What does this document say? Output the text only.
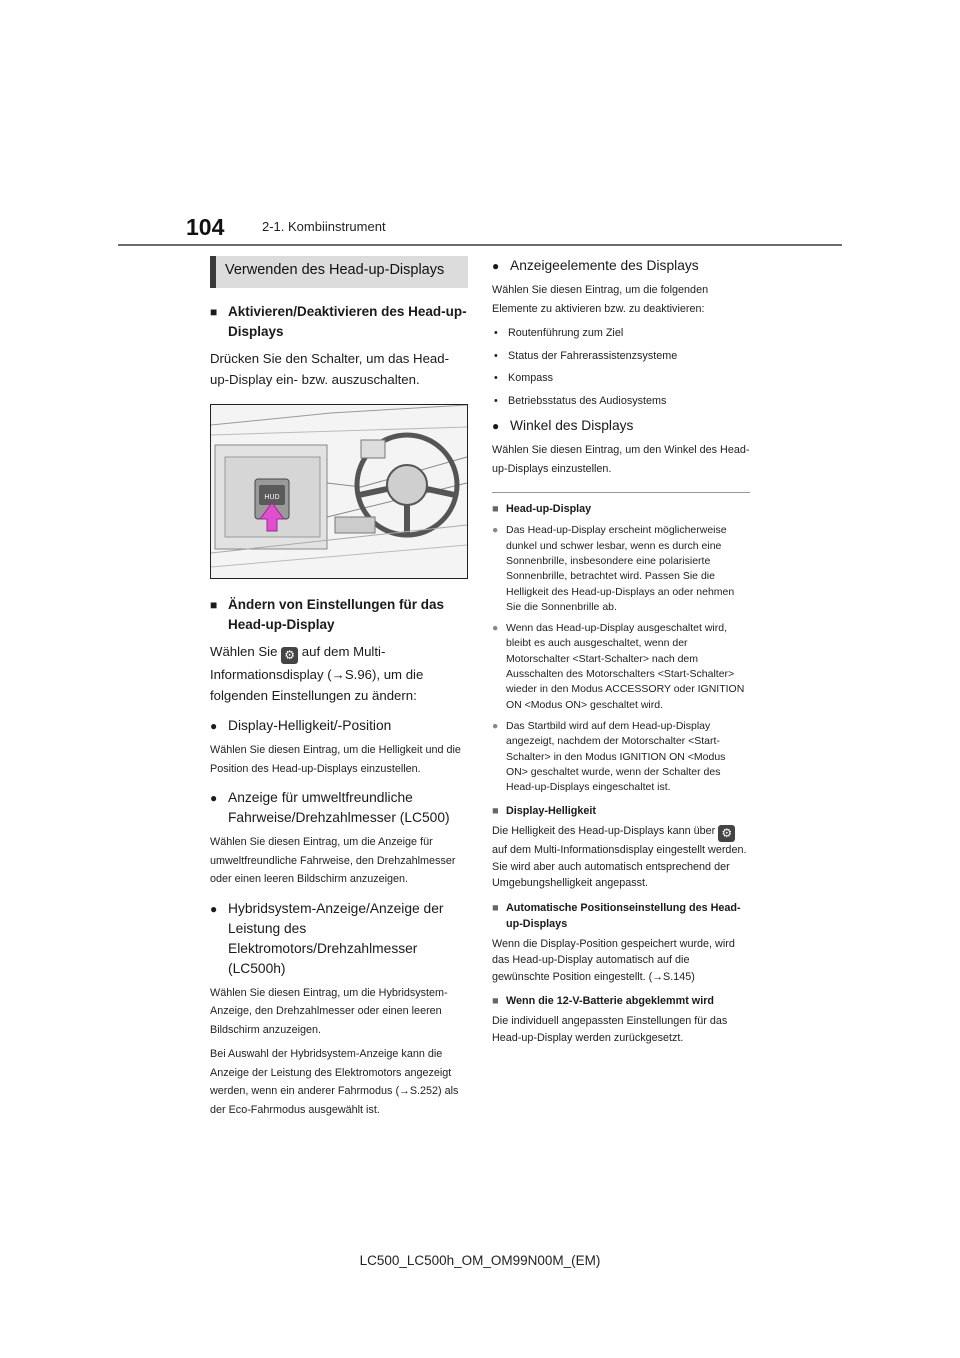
104	2-1. Kombiinstrument
Verwenden des Head-up-Displays
■ Aktivieren/Deaktivieren des Head-up-Displays
Drücken Sie den Schalter, um das Head-up-Display ein- bzw. auszuschalten.
HUD
■ Ändern von Einstellungen für das Head-up-Display
Wählen Sie ⚙ auf dem Multi-Informationsdisplay (→S.96), um die folgenden Einstellungen zu ändern:
● Display-Helligkeit/-Position
Wählen Sie diesen Eintrag, um die Helligkeit und die Position des Head-up-Displays einzustellen.
● Anzeige für umweltfreundliche Fahrweise/Drehzahlmesser (LC500)
Wählen Sie diesen Eintrag, um die Anzeige für umweltfreundliche Fahrweise, den Drehzahlmesser oder einen leeren Bildschirm anzuzeigen.
● Hybridsystem-Anzeige/Anzeige der Leistung des Elektromotors/Drehzahlmesser (LC500h)
Wählen Sie diesen Eintrag, um die Hybridsystem-Anzeige, den Drehzahlmesser oder einen leeren Bildschirm anzuzeigen.
Bei Auswahl der Hybridsystem-Anzeige kann die Anzeige der Leistung des Elektromotors angezeigt werden, wenn ein anderer Fahrmodus (→S.252) als der Eco-Fahrmodus ausgewählt ist.
● Anzeigeelemente des Displays
Wählen Sie diesen Eintrag, um die folgenden Elemente zu aktivieren bzw. zu deaktivieren:
• Routenführung zum Ziel
• Status der Fahrerassistenzsysteme
• Kompass
• Betriebsstatus des Audiosystems
● Winkel des Displays
Wählen Sie diesen Eintrag, um den Winkel des Head-up-Displays einzustellen.
■ Head-up-Display
● Das Head-up-Display erscheint möglicherweise dunkel und schwer lesbar, wenn es durch eine Sonnenbrille, insbesondere eine polarisierte Sonnenbrille, betrachtet wird. Passen Sie die Helligkeit des Head-up-Displays an oder nehmen Sie die Sonnenbrille ab.
● Wenn das Head-up-Display ausgeschaltet wird, bleibt es auch ausgeschaltet, wenn der Motorschalter <Start-Schalter> nach dem Ausschalten des Motorschalters <Start-Schalter> wieder in den Modus ACCESSORY oder IGNITION ON <Modus ON> geschaltet wird.
● Das Startbild wird auf dem Head-up-Display angezeigt, nachdem der Motorschalter <Start-Schalter> in den Modus IGNITION ON <Modus ON> geschaltet wurde, wenn der Schalter des Head-up-Displays eingeschaltet ist.
■ Display-Helligkeit
Die Helligkeit des Head-up-Displays kann über ⚙ auf dem Multi-Informationsdisplay eingestellt werden. Sie wird aber auch automatisch entsprechend der Umgebungshelligkeit angepasst.
■ Automatische Positionseinstellung des Head-up-Displays
Wenn die Display-Position gespeichert wurde, wird das Head-up-Display automatisch auf die gewünschte Position eingestellt. (→S.145)
■ Wenn die 12-V-Batterie abgeklemmt wird
Die individuell angepassten Einstellungen für das Head-up-Display werden zurückgesetzt.
LC500_LC500h_OM_OM99N00M_(EM)
